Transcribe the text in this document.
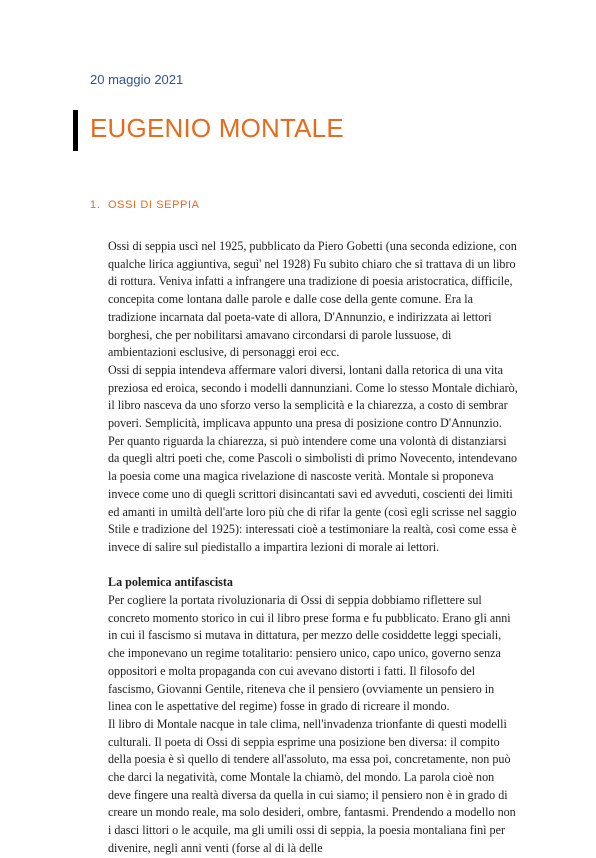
20 maggio 2021
EUGENIO MONTALE
1. OSSI DI SEPPIA

Ossi di seppia uscì nel 1925, pubblicato da Piero Gobetti (una seconda edizione, con qualche lirica aggiuntiva, seguì' nel 1928) Fu subito chiaro che si trattava di un libro di rottura. Veniva infatti a infrangere una tradizione di poesia aristocratica, difficile, concepita come lontana dalle parole e dalle cose della gente comune. Era la tradizione incarnata dal poeta-vate di allora, D'Annunzio, e indirizzata ai lettori borghesi, che per nobilitarsi amavano circondarsi di parole lussuose, di ambientazioni esclusive, di personaggi eroi ecc.

Ossi di seppia intendeva affermare valori diversi, lontani dalla retorica di una vita preziosa ed eroica, secondo i modelli dannunziani. Come lo stesso Montale dichiarò, il libro nasceva da uno sforzo verso la semplicità e la chiarezza, a costo di sembrar poveri. Semplicità, implicava appunto una presa di posizione contro D'Annunzio. Per quanto riguarda la chiarezza, si può intendere come una volontà di distanziarsi da quegli altri poeti che, come Pascoli o simbolisti di primo Novecento, intendevano la poesia come una magica rivelazione di nascoste verità. Montale si proponeva invece come uno di quegli scrittori disincantati savi ed avveduti, coscienti dei limiti ed amanti in umiltà dell'arte loro più che di rifar la gente (così egli scrisse nel saggio Stile e tradizione del 1925): interessati cioè a testimoniare la realtà, così come essa è invece di salire sul piedistallo a impartira lezioni di morale ai lettori.

La polemica antifascista

Per cogliere la portata rivoluzionaria di Ossi di seppia dobbiamo riflettere sul concreto momento storico in cui il libro prese forma e fu pubblicato. Erano gli anni in cui il fascismo si mutava in dittatura, per mezzo delle cosiddette leggi speciali, che imponevano un regime totalitario: pensiero unico, capo unico, governo senza oppositori e molta propaganda con cui avevano distorti i fatti. Il filosofo del fascismo, Giovanni Gentile, riteneva che il pensiero (ovviamente un pensiero in linea con le aspettative del regime) fosse in grado di ricreare il mondo.

Il libro di Montale nacque in tale clima, nell'invadenza trionfante di questi modelli culturali. Il poeta di Ossi di seppia esprime una posizione ben diversa: il compito della poesia è sì quello di tendere all'assoluto, ma essa poi, concretamente, non può che darci la negatività, come Montale la chiamò, del mondo. La parola cioè non deve fingere una realtà diversa da quella in cui siamo; il pensiero non è in grado di creare un mondo reale, ma solo desideri, ombre, fantasmi. Prendendo a modello non i dasci littori o le acquile, ma gli umili ossi di seppia, la poesia montaliana finì per divenire, negli anni venti (forse al di là delle
